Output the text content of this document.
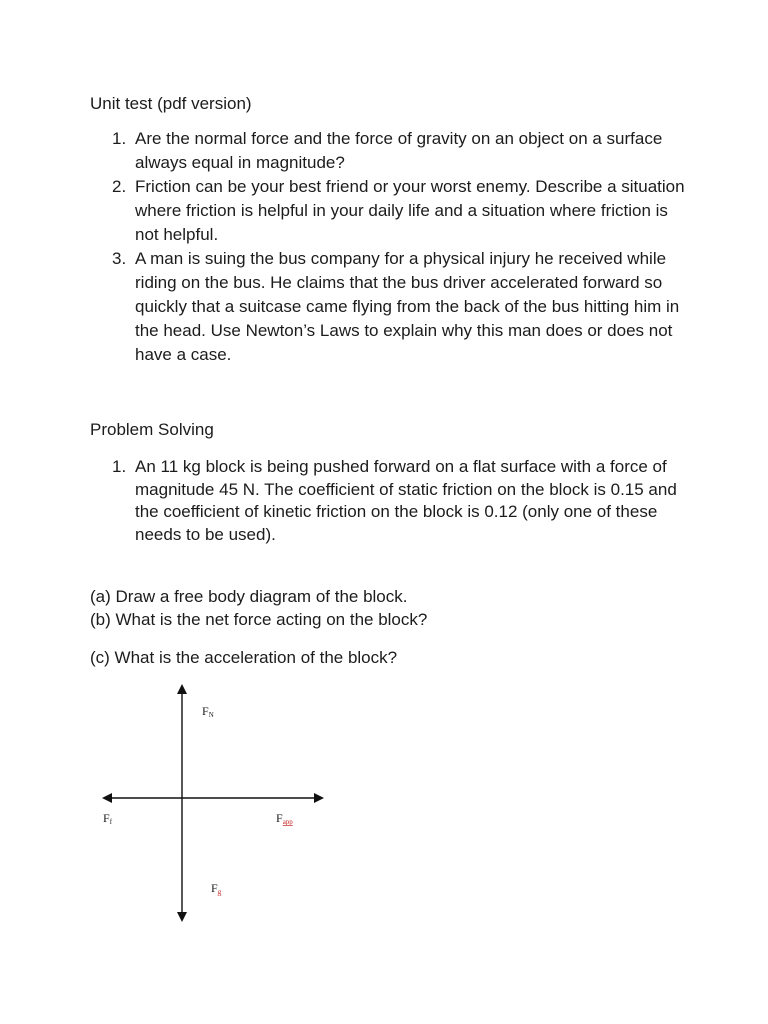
Unit test (pdf version)
1. Are the normal force and the force of gravity on an object on a surface always equal in magnitude?
2. Friction can be your best friend or your worst enemy. Describe a situation where friction is helpful in your daily life and a situation where friction is not helpful.
3. A man is suing the bus company for a physical injury he received while riding on the bus. He claims that the bus driver accelerated forward so quickly that a suitcase came flying from the back of the bus hitting him in the head. Use Newton’s Laws to explain why this man does or does not have a case.
Problem Solving
1. An 11 kg block is being pushed forward on a flat surface with a force of magnitude 45 N. The coefficient of static friction on the block is 0.15 and the coefficient of kinetic friction on the block is 0.12 (only one of these needs to be used).

(a) Draw a free body diagram of the block.

(b) What is the net force acting on the block?

(c) What is the acceleration of the block?

FN
Ff	Fapp
Fg
